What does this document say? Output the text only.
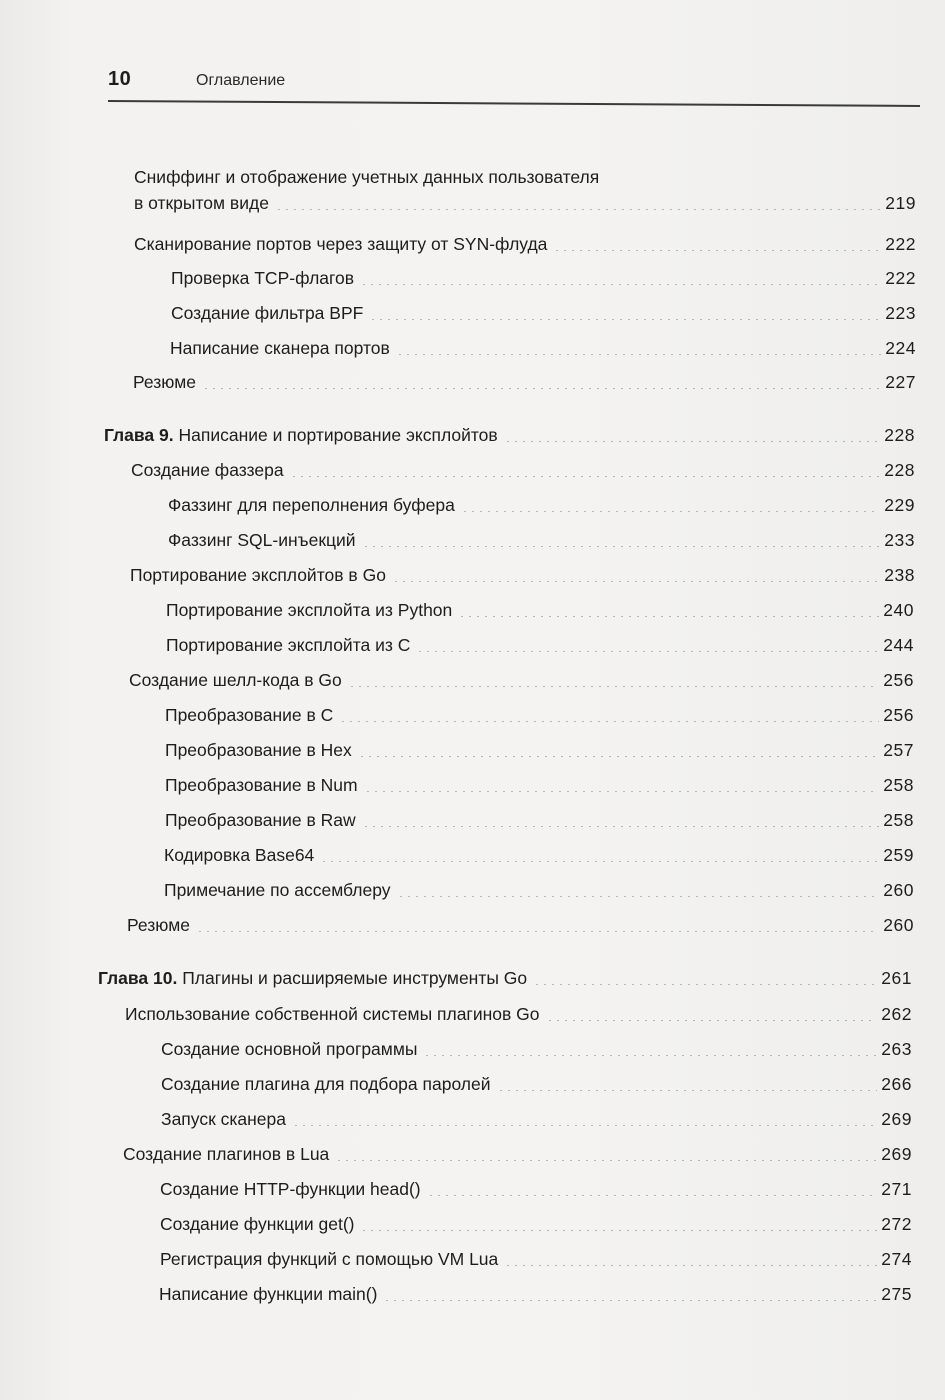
10	Оглавление
Сниффинг и отображение учетных данных пользователя
в открытом виде	219
Сканирование портов через защиту от SYN-флуда	222
Проверка TCP-флагов	222
Создание фильтра BPF	223
Написание сканера портов	224
Резюме	227
Глава 9. Написание и портирование эксплойтов	228
Создание фаззера	228
Фаззинг для переполнения буфера	229
Фаззинг SQL-инъекций	233
Портирование эксплойтов в Go	238
Портирование эксплойта из Python	240
Портирование эксплойта из C	244
Создание шелл-кода в Go	256
Преобразование в C	256
Преобразование в Hex	257
Преобразование в Num	258
Преобразование в Raw	258
Кодировка Base64	259
Примечание по ассемблеру	260
Резюме	260
Глава 10. Плагины и расширяемые инструменты Go	261
Использование собственной системы плагинов Go	262
Создание основной программы	263
Создание плагина для подбора паролей	266
Запуск сканера	269
Создание плагинов в Lua	269
Создание HTTP-функции head()	271
Создание функции get()	272
Регистрация функций с помощью VM Lua	274
Написание функции main()	275
